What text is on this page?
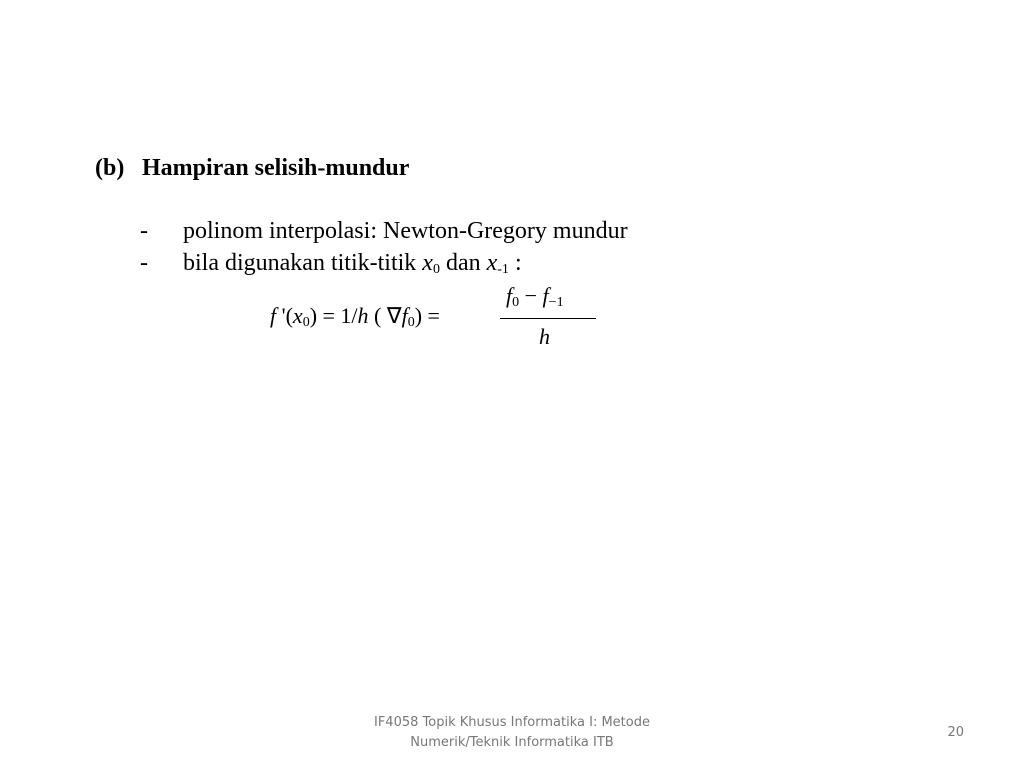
(b) Hampiran selisih-mundur
- polinom interpolasi: Newton-Gregory mundur
- bila digunakan titik-titik $x_0$ dan $x_{-1}$ :
f '$(x_0) = 1/h$ ( $\nabla f_0$) =
$f_0 - f_{-1}$
h
IF4058 Topik Khusus Informatika I: Metode
Numerik/Teknik Informatika ITB
20
